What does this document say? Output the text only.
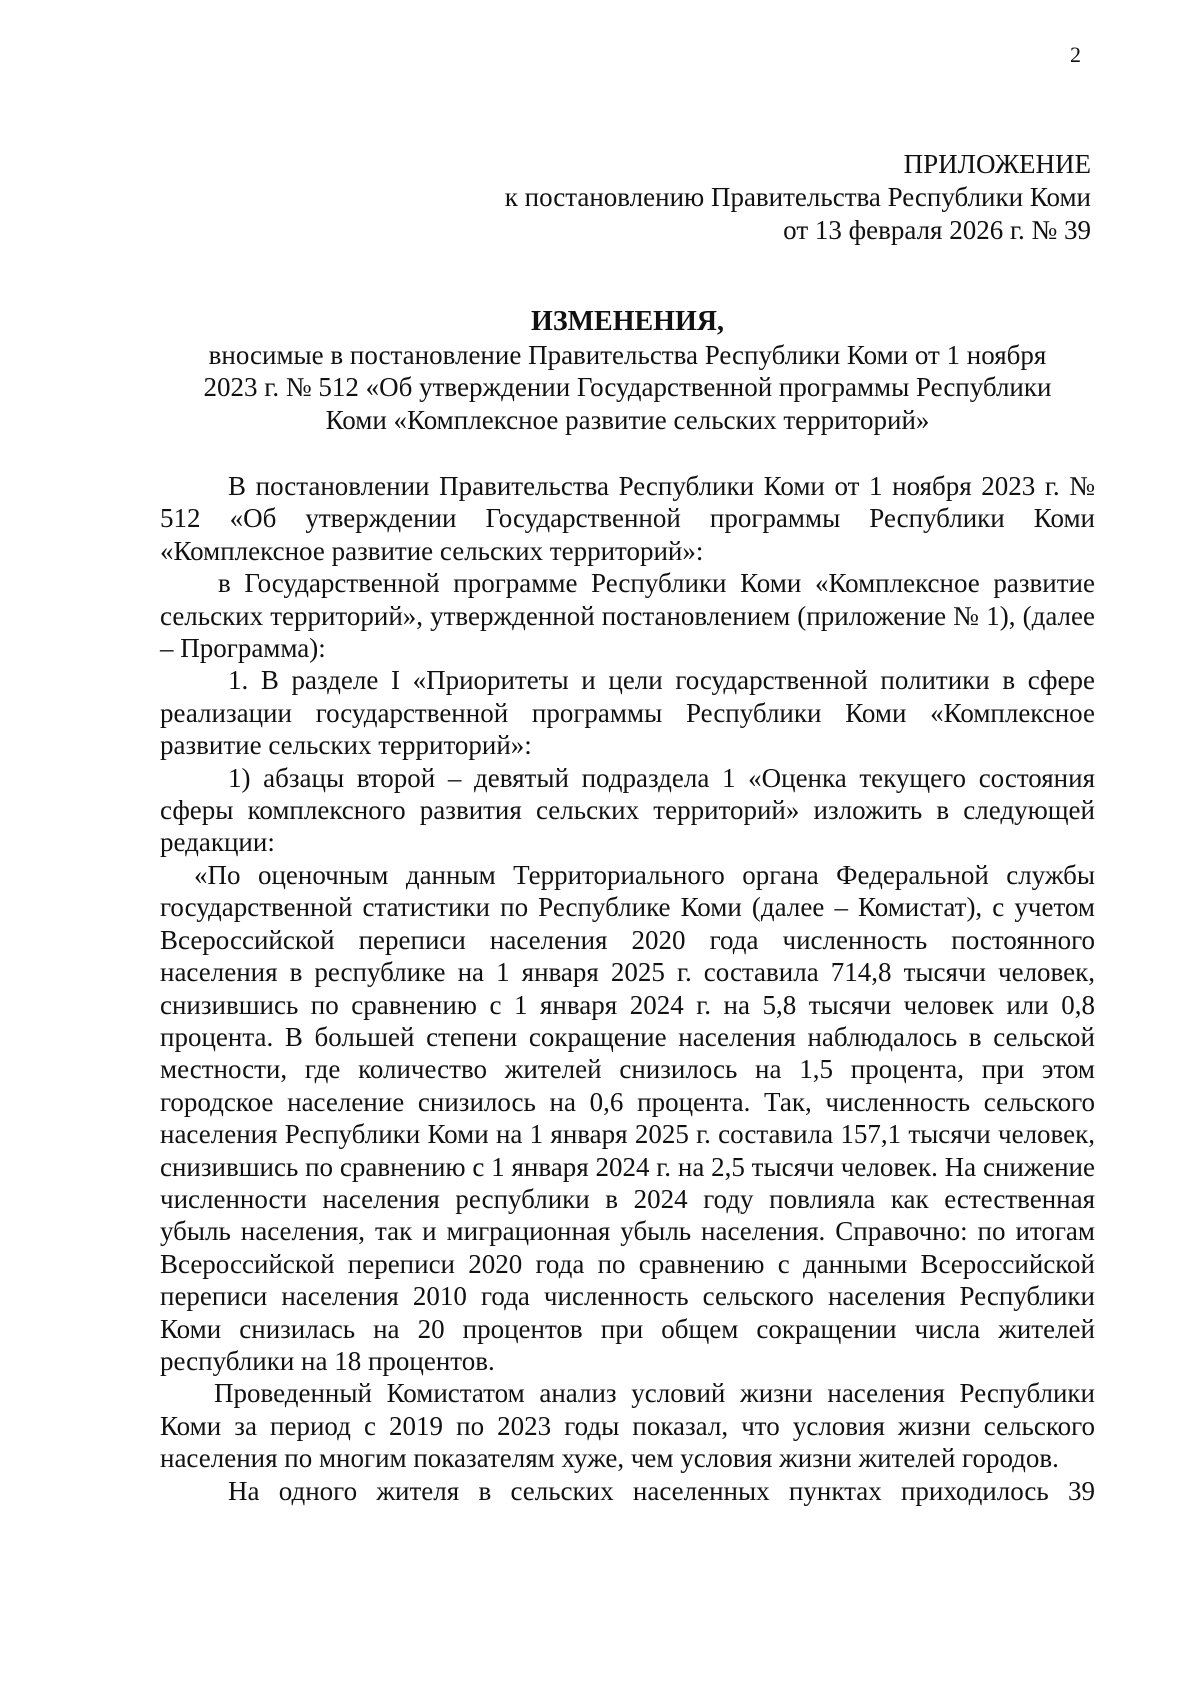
2
ПРИЛОЖЕНИЕ
к постановлению Правительства Республики Коми
от 13 февраля 2026 г. № 39
ИЗМЕНЕНИЯ,
вносимые в постановление Правительства Республики Коми от 1 ноября
2023 г. № 512 «Об утверждении Государственной программы Республики
Коми «Комплексное развитие сельских территорий»

В постановлении Правительства Республики Коми от 1 ноября 2023 г. № 512 «Об утверждении Государственной программы Республики Коми «Комплексное развитие сельских территорий»:

в Государственной программе Республики Коми «Комплексное развитие сельских территорий», утвержденной постановлением (приложение № 1), (далее – Программа):

1. В разделе I «Приоритеты и цели государственной политики в сфере реализации государственной программы Республики Коми «Комплексное развитие сельских территорий»:

1) абзацы второй – девятый подраздела 1 «Оценка текущего состояния сферы комплексного развития сельских территорий» изложить в следующей редакции:

«По оценочным данным Территориального органа Федеральной службы государственной статистики по Республике Коми (далее – Комистат), с учетом Всероссийской переписи населения 2020 года численность постоянного населения в республике на 1 января 2025 г. составила 714,8 тысячи человек, снизившись по сравнению с 1 января 2024 г. на 5,8 тысячи человек или 0,8 процента. В большей степени сокращение населения наблюдалось в сельской местности, где количество жителей снизилось на 1,5 процента, при этом городское население снизилось на 0,6 процента. Так, численность сельского населения Республики Коми на 1 января 2025 г. составила 157,1 тысячи человек, снизившись по сравнению с 1 января 2024 г. на 2,5 тысячи человек. На снижение численности населения республики в 2024 году повлияла как естественная убыль населения, так и миграционная убыль населения. Справочно: по итогам Всероссийской переписи 2020 года по сравнению с данными Всероссийской переписи населения 2010 года численность сельского населения Республики Коми снизилась на 20 процентов при общем сокращении числа жителей республики на 18 процентов.

Проведенный Комистатом анализ условий жизни населения Республики Коми за период с 2019 по 2023 годы показал, что условия жизни сельского населения по многим показателям хуже, чем условия жизни жителей городов.

На одного жителя в сельских населенных пунктах приходилось 39
